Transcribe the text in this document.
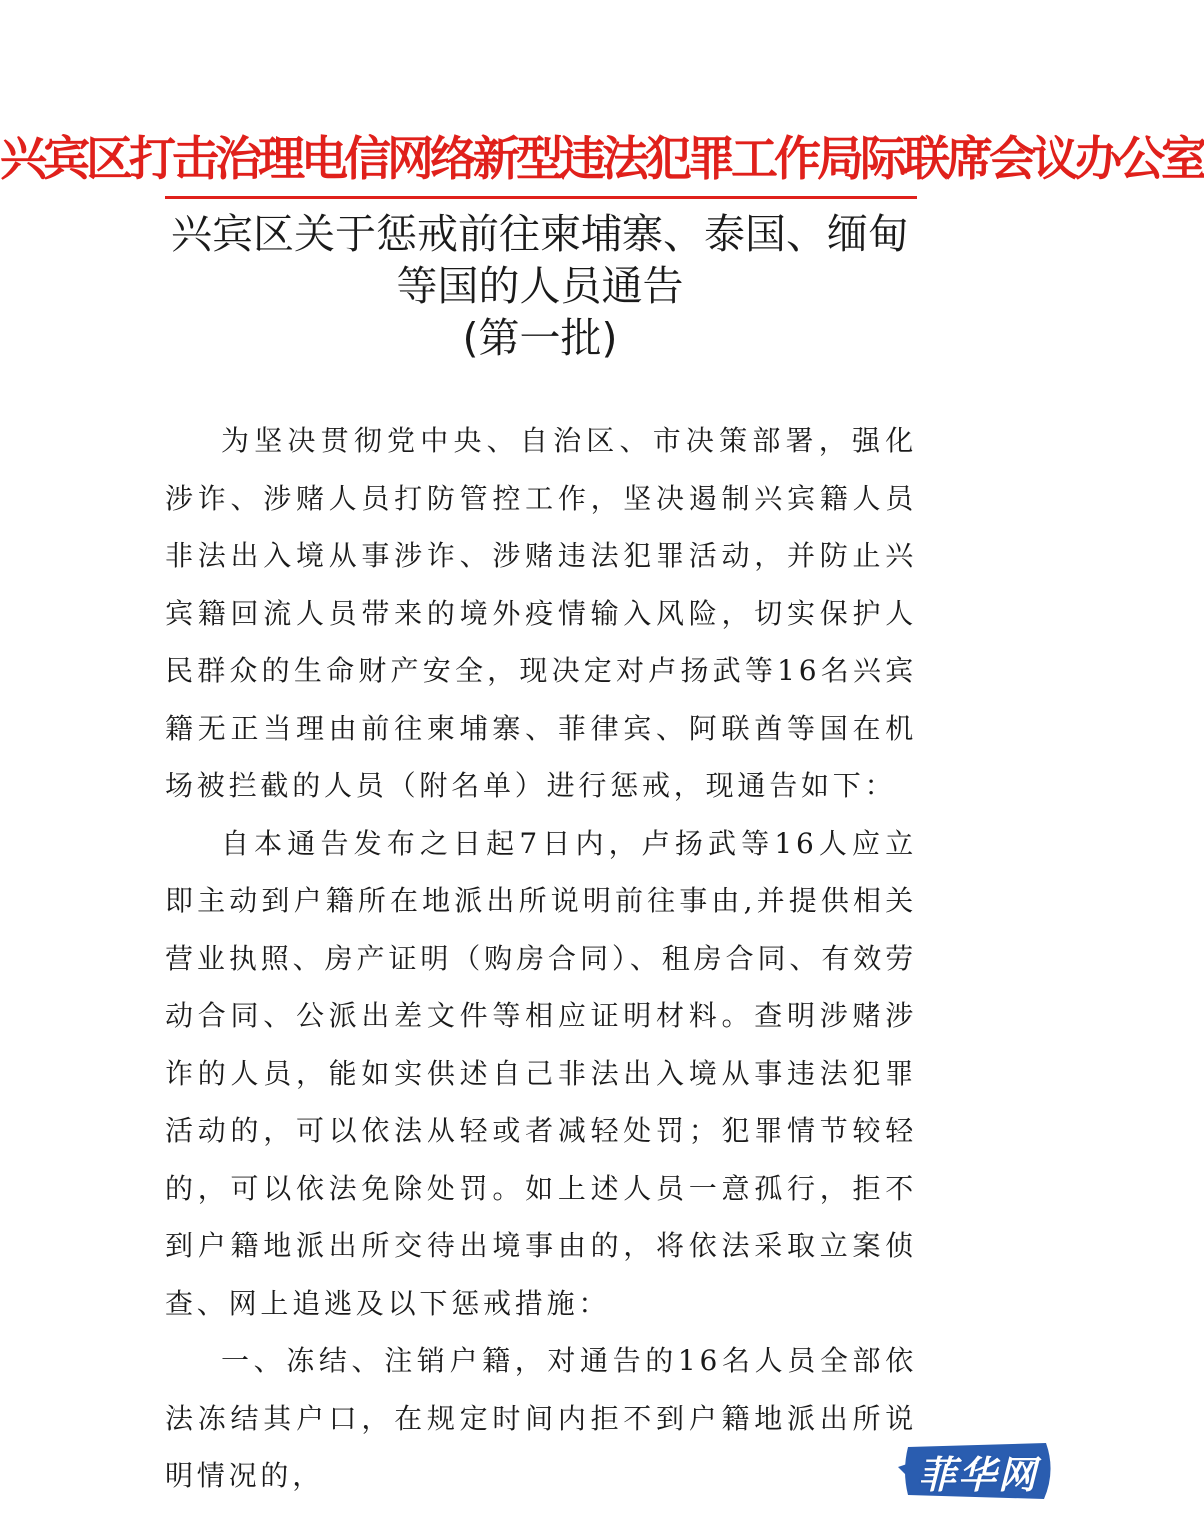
兴宾区打击治理电信网络新型违法犯罪工作局际联席会议办公室
兴宾区关于惩戒前往柬埔寨、泰国、缅甸
等国的人员通告
(第一批)

为坚决贯彻党中央、自治区、市决策部署，强化涉诈、涉赌人员打防管控工作，坚决遏制兴宾籍人员非法出入境从事涉诈、涉赌违法犯罪活动，并防止兴宾籍回流人员带来的境外疫情输入风险，切实保护人民群众的生命财产安全，现决定对卢扬武等16名兴宾籍无正当理由前往柬埔寨、菲律宾、阿联酋等国在机场被拦截的人员（附名单）进行惩戒，现通告如下：

自本通告发布之日起7日内，卢扬武等16人应立即主动到户籍所在地派出所说明前往事由,并提供相关营业执照、房产证明（购房合同）、租房合同、有效劳动合同、公派出差文件等相应证明材料。查明涉赌涉诈的人员，能如实供述自己非法出入境从事违法犯罪活动的，可以依法从轻或者减轻处罚；犯罪情节较轻的，可以依法免除处罚。如上述人员一意孤行，拒不到户籍地派出所交待出境事由的，将依法采取立案侦查、网上追逃及以下惩戒措施：

一、冻结、注销户籍，对通告的16名人员全部依法冻结其户口，在规定时间内拒不到户籍地派出所说明情况的，	菲华网
